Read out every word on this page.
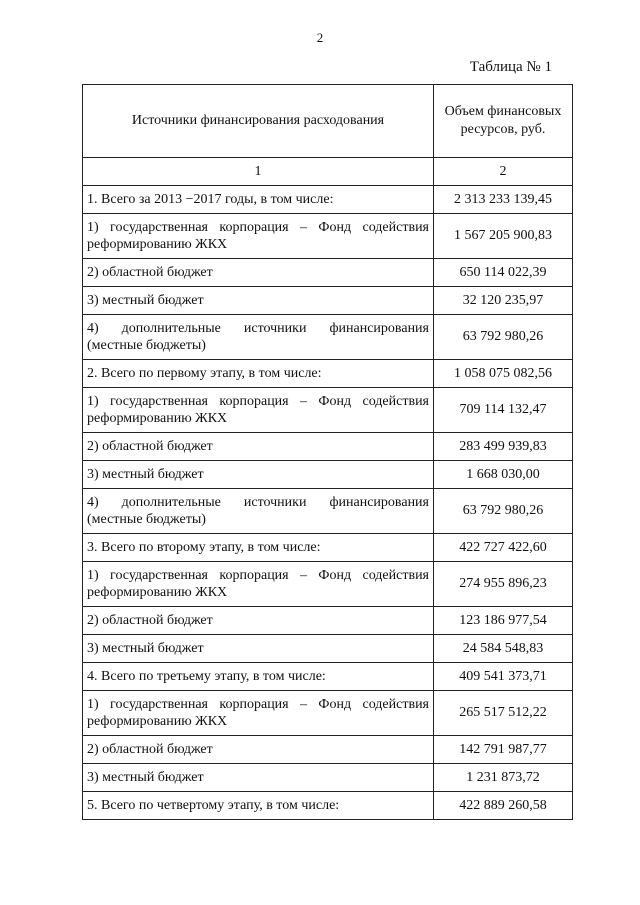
2
Таблица № 1
Источники финансирования расходования	Объем финансовых ресурсов, руб.
1	2
1. Всего за 2013 −2017 годы, в том числе:	2 313 233 139,45
1) государственная корпорация – Фонд содействия реформированию ЖКХ	1 567 205 900,83
2) областной бюджет	650 114 022,39
3) местный бюджет	32 120 235,97
4) дополнительные источники финансирования (местные бюджеты)	63 792 980,26
2. Всего по первому этапу, в том числе:	1 058 075 082,56
1) государственная корпорация – Фонд содействия реформированию ЖКХ	709 114 132,47
2) областной бюджет	283 499 939,83
3) местный бюджет	1 668 030,00
4) дополнительные источники финансирования (местные бюджеты)	63 792 980,26
3. Всего по второму этапу, в том числе:	422 727 422,60
1) государственная корпорация – Фонд содействия реформированию ЖКХ	274 955 896,23
2) областной бюджет	123 186 977,54
3) местный бюджет	24 584 548,83
4. Всего по третьему этапу, в том числе:	409 541 373,71
1) государственная корпорация – Фонд содействия реформированию ЖКХ	265 517 512,22
2) областной бюджет	142 791 987,77
3) местный бюджет	1 231 873,72
5. Всего по четвертому этапу, в том числе:	422 889 260,58
